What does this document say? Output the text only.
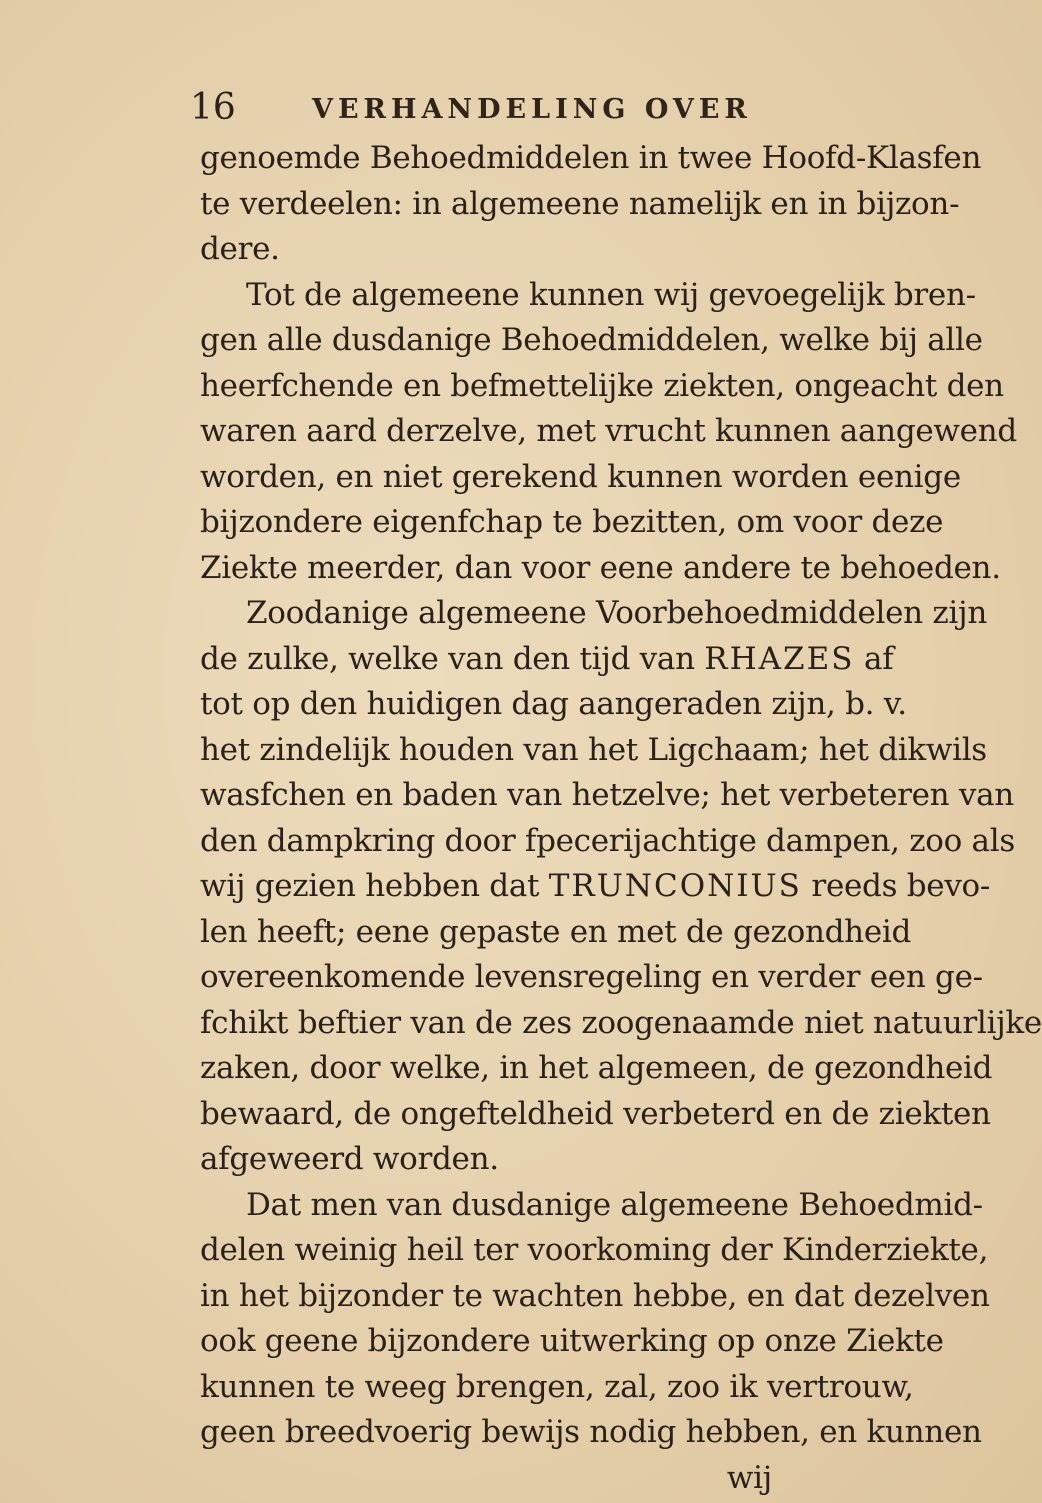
16	VERHANDELING OVER
genoemde Behoedmiddelen in twee Hoofd-Klasfen
te verdeelen: in algemeene namelijk en in bijzon-
dere.
Tot de algemeene kunnen wij gevoegelijk bren-
gen alle dusdanige Behoedmiddelen, welke bij alle
heerfchende en befmettelijke ziekten, ongeacht den
waren aard derzelve, met vrucht kunnen aangewend
worden, en niet gerekend kunnen worden eenige
bijzondere eigenfchap te bezitten, om voor deze
Ziekte meerder, dan voor eene andere te behoeden.
Zoodanige algemeene Voorbehoedmiddelen zijn
de zulke, welke van den tijd van RHAZES af
tot op den huidigen dag aangeraden zijn, b. v.
het zindelijk houden van het Ligchaam; het dikwils
wasfchen en baden van hetzelve; het verbeteren van
den dampkring door fpecerijachtige dampen, zoo als
wij gezien hebben dat TRUNCONIUS reeds bevo-
len heeft; eene gepaste en met de gezondheid
overeenkomende levensregeling en verder een ge-
fchikt beftier van de zes zoogenaamde niet natuurlijke
zaken, door welke, in het algemeen, de gezondheid
bewaard, de ongefteldheid verbeterd en de ziekten
afgeweerd worden.
Dat men van dusdanige algemeene Behoedmid-
delen weinig heil ter voorkoming der Kinderziekte,
in het bijzonder te wachten hebbe, en dat dezelven
ook geene bijzondere uitwerking op onze Ziekte
kunnen te weeg brengen, zal, zoo ik vertrouw,
geen breedvoerig bewijs nodig hebben, en kunnen
wij
